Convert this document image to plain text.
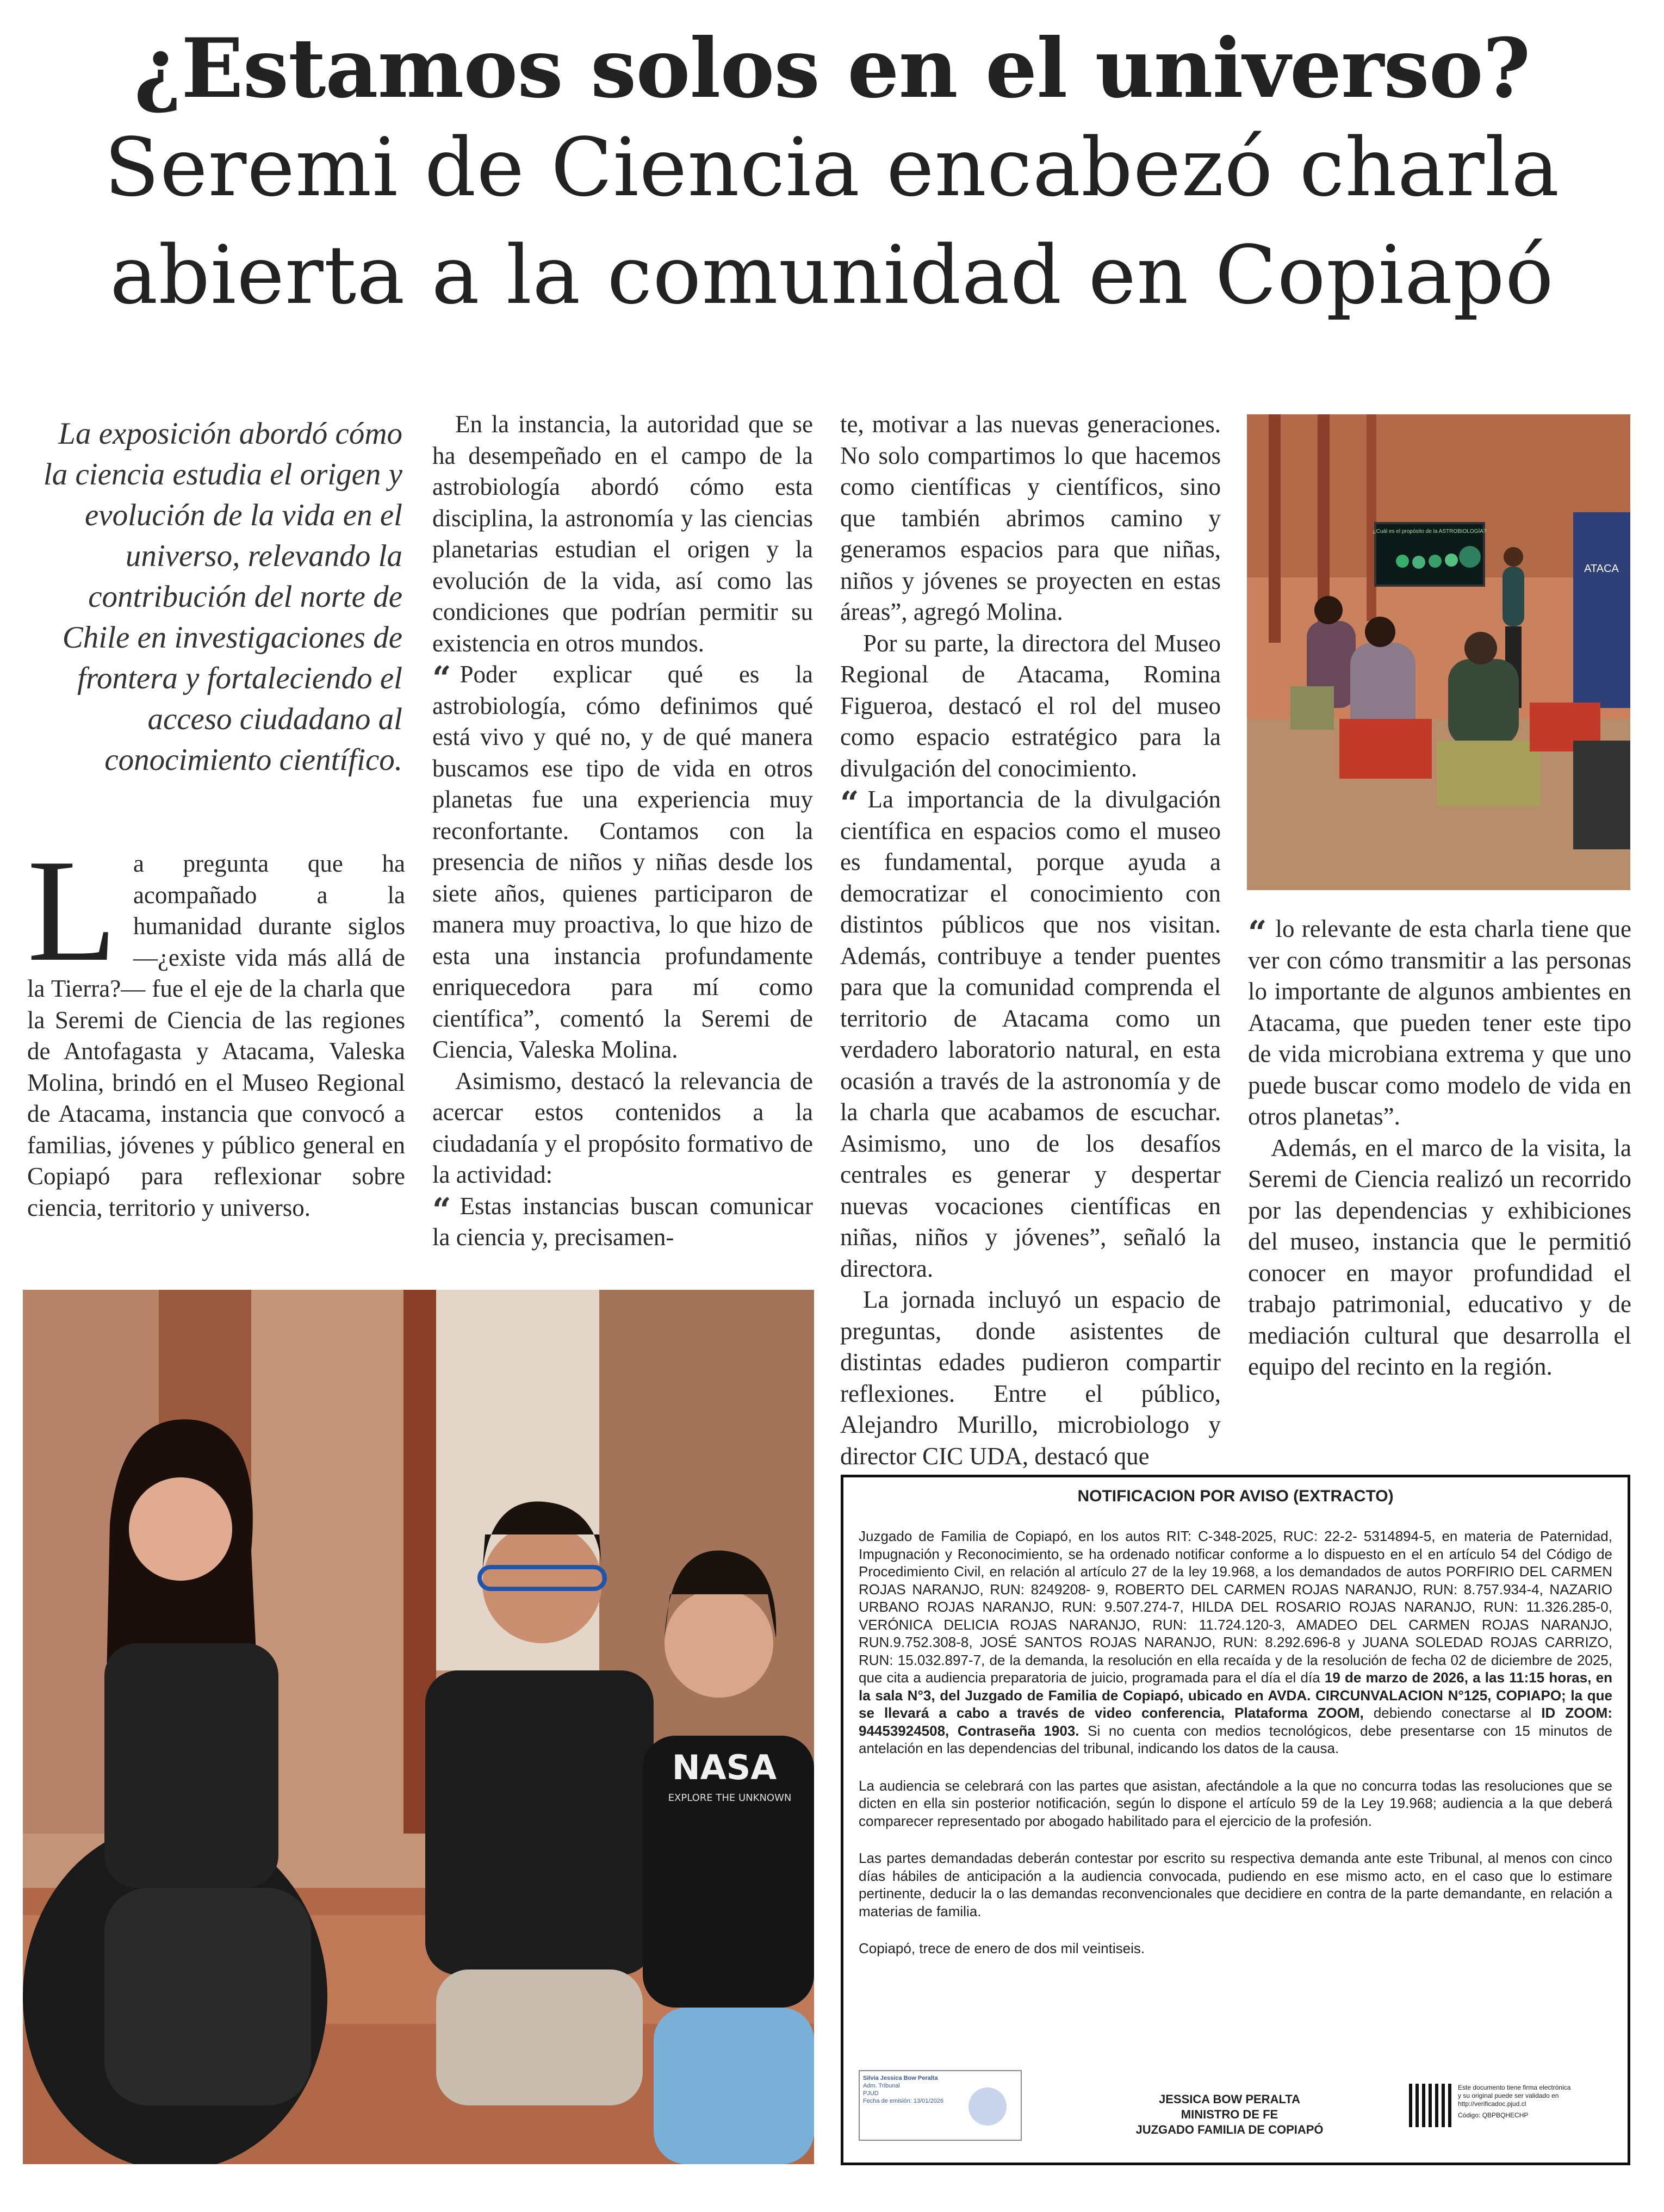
¿Estamos solos en el universo?
Seremi de Ciencia encabezó charla
abierta a la comunidad en Copiapó
La exposición abordó cómo la ciencia estudia el origen y evolución de la vida en el universo, relevando la contribución del norte de Chile en investigaciones de frontera y fortaleciendo el acceso ciudadano al conocimiento científico.

La pregunta que ha acompañado a la humanidad durante siglos —¿existe vida más allá de la Tierra?— fue el eje de la charla que la Seremi de Ciencia de las regiones de Antofagasta y Atacama, Valeska Molina, brindó en el Museo Regional de Atacama, instancia que convocó a familias, jóvenes y público general en Copiapó para reflexionar sobre ciencia, territorio y universo.

En la instancia, la autoridad que se ha desempeñado en el campo de la astrobiología abordó cómo esta disciplina, la astronomía y las ciencias planetarias estudian el origen y la evolución de la vida, así como las condiciones que podrían permitir su existencia en otros mundos.

“ Poder explicar qué es la astrobiología, cómo definimos qué está vivo y qué no, y de qué manera buscamos ese tipo de vida en otros planetas fue una experiencia muy reconfortante. Contamos con la presencia de niños y niñas desde los siete años, quienes participaron de manera muy proactiva, lo que hizo de esta una instancia profundamente enriquecedora para mí como científica”, comentó la Seremi de Ciencia, Valeska Molina.

Asimismo, destacó la relevancia de acercar estos contenidos a la ciudadanía y el propósito formativo de la actividad:

“ Estas instancias buscan comunicar la ciencia y, precisamen-

te, motivar a las nuevas generaciones. No solo compartimos lo que hacemos como científicas y científicos, sino que también abrimos camino y generamos espacios para que niñas, niños y jóvenes se proyecten en estas áreas”, agregó Molina.

Por su parte, la directora del Museo Regional de Atacama, Romina Figueroa, destacó el rol del museo como espacio estratégico para la divulgación del conocimiento.

“ La importancia de la divulgación científica en espacios como el museo es fundamental, porque ayuda a democratizar el conocimiento con distintos públicos que nos visitan. Además, contribuye a tender puentes para que la comunidad comprenda el territorio de Atacama como un verdadero laboratorio natural, en esta ocasión a través de la astronomía y de la charla que acabamos de escuchar. Asimismo, uno de los desafíos centrales es generar y despertar nuevas vocaciones científicas en niñas, niños y jóvenes”, señaló la directora.

La jornada incluyó un espacio de preguntas, donde asistentes de distintas edades pudieron compartir reflexiones. Entre el público, Alejandro Murillo, microbiologo y director CIC UDA, destacó que

“ lo relevante de esta charla tiene que ver con cómo transmitir a las personas lo importante de algunos ambientes en Atacama, que pueden tener este tipo de vida microbiana extrema y que uno puede buscar como modelo de vida en otros planetas”.

Además, en el marco de la visita, la Seremi de Ciencia realizó un recorrido por las dependencias y exhibiciones del museo, instancia que le permitió conocer en mayor profundidad el trabajo patrimonial, educativo y de mediación cultural que desarrolla el equipo del recinto en la región.

¿Cuál es el propósito de la ASTROBIOLOGÍA?
ATACA
NASA
EXPLORE THE UNKNOWN
NOTIFICACION POR AVISO (EXTRACTO)

Juzgado de Familia de Copiapó, en los autos RIT: C-348-2025, RUC: 22-2- 5314894-5, en materia de Paternidad, Impugnación y Reconocimiento, se ha ordenado notificar conforme a lo dispuesto en el en artículo 54 del Código de Procedimiento Civil, en relación al artículo 27 de la ley 19.968, a los demandados de autos PORFIRIO DEL CARMEN ROJAS NARANJO, RUN: 8249208- 9, ROBERTO DEL CARMEN ROJAS NARANJO, RUN: 8.757.934-4, NAZARIO URBANO ROJAS NARANJO, RUN: 9.507.274-7, HILDA DEL ROSARIO ROJAS NARANJO, RUN: 11.326.285-0, VERÓNICA DELICIA ROJAS NARANJO, RUN: 11.724.120-3, AMADEO DEL CARMEN ROJAS NARANJO, RUN.9.752.308-8, JOSÉ SANTOS ROJAS NARANJO, RUN: 8.292.696-8 y JUANA SOLEDAD ROJAS CARRIZO, RUN: 15.032.897-7, de la demanda, la resolución en ella recaída y de la resolución de fecha 02 de diciembre de 2025, que cita a audiencia preparatoria de juicio, programada para el día el día 19 de marzo de 2026, a las 11:15 horas, en la sala N°3, del Juzgado de Familia de Copiapó, ubicado en AVDA. CIRCUNVALACION N°125, COPIAPO; la que se llevará a cabo a través de video conferencia, Plataforma ZOOM, debiendo conectarse al ID ZOOM: 94453924508, Contraseña 1903. Si no cuenta con medios tecnológicos, debe presentarse con 15 minutos de antelación en las dependencias del tribunal, indicando los datos de la causa.

La audiencia se celebrará con las partes que asistan, afectándole a la que no concurra todas las resoluciones que se dicten en ella sin posterior notificación, según lo dispone el artículo 59 de la Ley 19.968; audiencia a la que deberá comparecer representado por abogado habilitado para el ejercicio de la profesión.

Las partes demandadas deberán contestar por escrito su respectiva demanda ante este Tribunal, al menos con cinco días hábiles de anticipación a la audiencia convocada, pudiendo en ese mismo acto, en el caso que lo estimare pertinente, deducir la o las demandas reconvencionales que decidiere en contra de la parte demandante, en relación a materias de familia.

Copiapó, trece de enero de dos mil veintiseis.

Silvia Jessica Bow Peralta
Adm. Tribunal
PJUD
Fecha de emisión: 13/01/2026	JESSICA BOW PERALTA
MINISTRO DE FE
JUZGADO FAMILIA DE COPIAPÓ
Este documento tiene firma electrónica
y su original puede ser validado en
http://verificadoc.pjud.cl
Código: QBPBQHECHP
